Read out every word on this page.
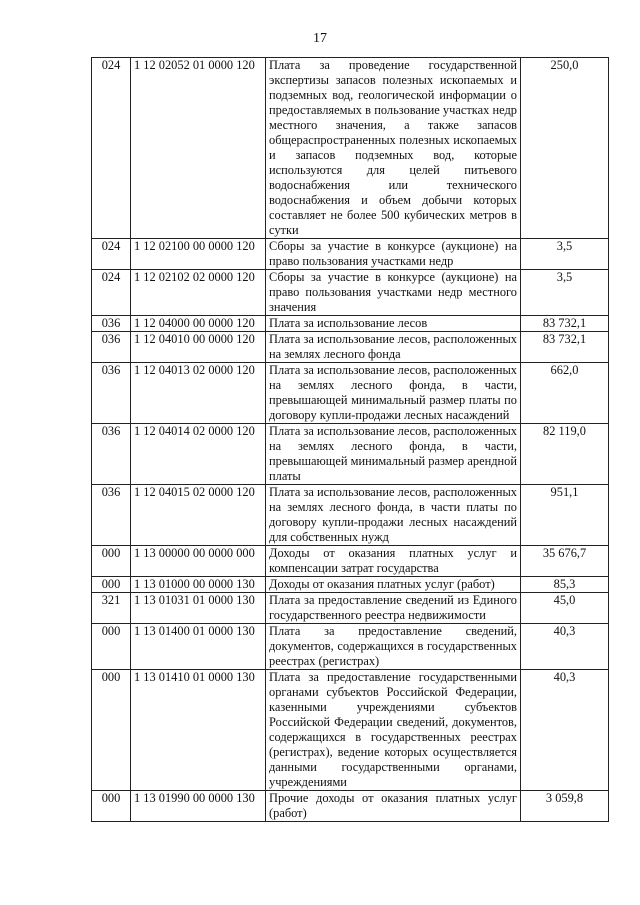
17
024	1 12 02052 01 0000 120	Плата за проведение государственной экспертизы запасов полезных ископаемых и подземных вод, геологической информации о предоставляемых в пользование участках недр местного значения, а также запасов общераспространенных полезных ископаемых и запасов подземных вод, которые используются для целей питьевого водоснабжения или технического водоснабжения и объем добычи которых составляет не более 500 кубических метров в сутки	250,0
024	1 12 02100 00 0000 120	Сборы за участие в конкурсе (аукционе) на право пользования участками недр	3,5
024	1 12 02102 02 0000 120	Сборы за участие в конкурсе (аукционе) на право пользования участками недр местного значения	3,5
036	1 12 04000 00 0000 120	Плата за использование лесов	83 732,1
036	1 12 04010 00 0000 120	Плата за использование лесов, расположенных на землях лесного фонда	83 732,1
036	1 12 04013 02 0000 120	Плата за использование лесов, расположенных на землях лесного фонда, в части, превышающей минимальный размер платы по договору купли-продажи лесных насаждений	662,0
036	1 12 04014 02 0000 120	Плата за использование лесов, расположенных на землях лесного фонда, в части, превышающей минимальный размер арендной платы	82 119,0
036	1 12 04015 02 0000 120	Плата за использование лесов, расположенных на землях лесного фонда, в части платы по договору купли-продажи лесных насаждений для собственных нужд	951,1
000	1 13 00000 00 0000 000	Доходы от оказания платных услуг и компенсации затрат государства	35 676,7
000	1 13 01000 00 0000 130	Доходы от оказания платных услуг (работ)	85,3
321	1 13 01031 01 0000 130	Плата за предоставление сведений из Единого государственного реестра недвижимости	45,0
000	1 13 01400 01 0000 130	Плата за предоставление сведений, документов, содержащихся в государственных реестрах (регистрах)	40,3
000	1 13 01410 01 0000 130	Плата за предоставление государственными органами субъектов Российской Федерации, казенными учреждениями субъектов Российской Федерации сведений, документов, содержащихся в государственных реестрах (регистрах), ведение которых осуществляется данными государственными органами, учреждениями	40,3
000	1 13 01990 00 0000 130	Прочие доходы от оказания платных услуг (работ)	3 059,8
